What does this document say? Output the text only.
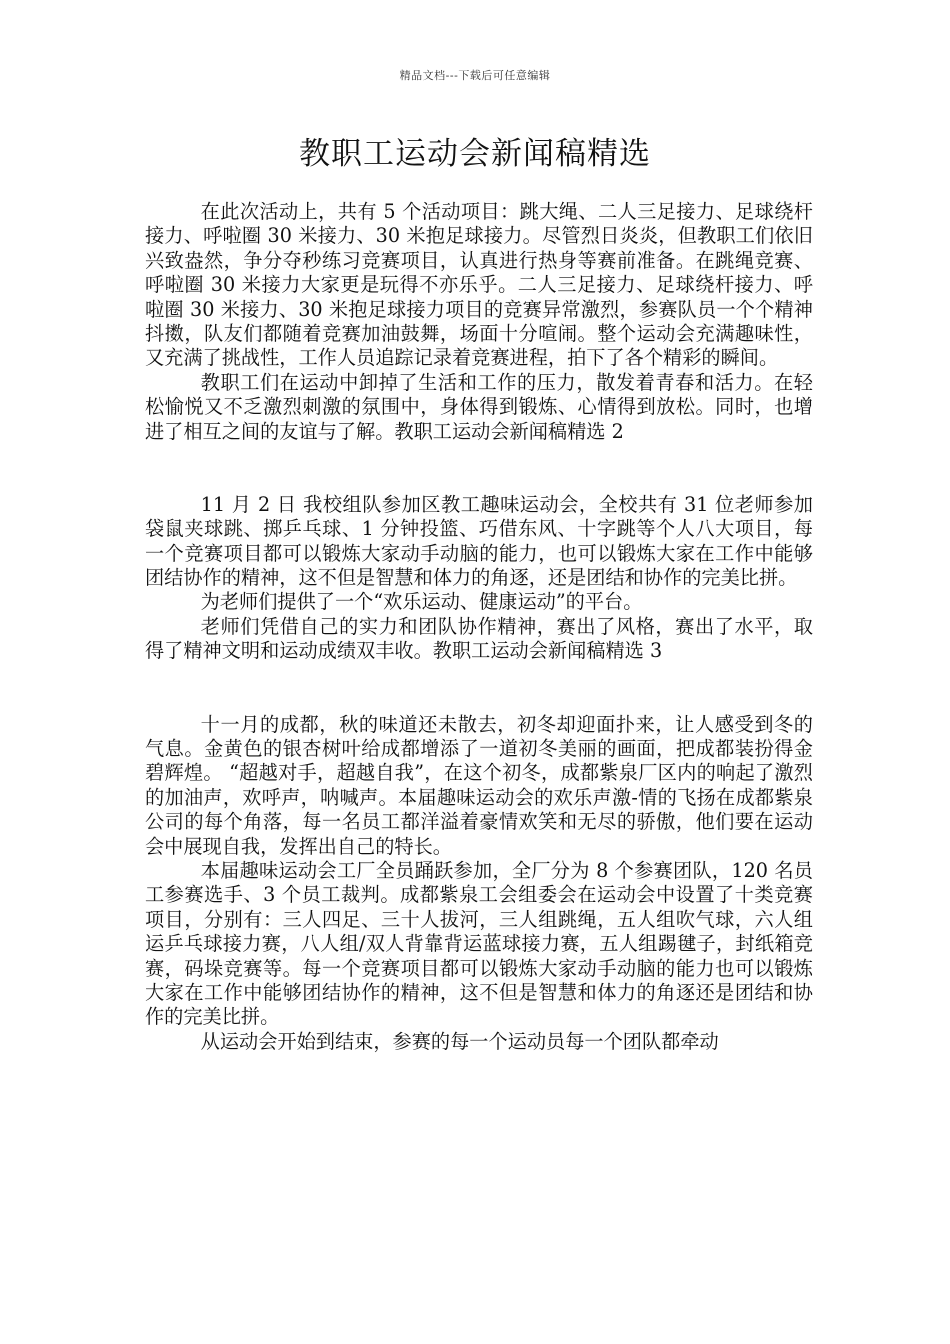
精品文档---下载后可任意编辑
教职工运动会新闻稿精选

在此次活动上，共有 5 个活动项目：跳大绳、二人三足接力、足球绕杆接力、呼啦圈 30 米接力、30 米抱足球接力。尽管烈日炎炎，但教职工们依旧兴致盎然，争分夺秒练习竞赛项目，认真进行热身等赛前准备。在跳绳竞赛、呼啦圈 30 米接力大家更是玩得不亦乐乎。二人三足接力、足球绕杆接力、呼啦圈 30 米接力、30 米抱足球接力项目的竞赛异常激烈，参赛队员一个个精神抖擞，队友们都随着竞赛加油鼓舞，场面十分喧闹。整个运动会充满趣味性，又充满了挑战性，工作人员追踪记录着竞赛进程，拍下了各个精彩的瞬间。

教职工们在运动中卸掉了生活和工作的压力，散发着青春和活力。在轻松愉悦又不乏激烈刺激的氛围中，身体得到锻炼、心情得到放松。同时，也增进了相互之间的友谊与了解。教职工运动会新闻稿精选 2

11 月 2 日 我校组队参加区教工趣味运动会，全校共有 31 位老师参加袋鼠夹球跳、掷乒乓球、1 分钟投篮、巧借东风、十字跳等个人八大项目，每一个竞赛项目都可以锻炼大家动手动脑的能力，也可以锻炼大家在工作中能够团结协作的精神，这不但是智慧和体力的角逐，还是团结和协作的完美比拼。

为老师们提供了一个“欢乐运动、健康运动”的平台。

老师们凭借自己的实力和团队协作精神，赛出了风格，赛出了水平，取得了精神文明和运动成绩双丰收。教职工运动会新闻稿精选 3

十一月的成都，秋的味道还未散去，初冬却迎面扑来，让人感受到冬的气息。金黄色的银杏树叶给成都增添了一道初冬美丽的画面，把成都装扮得金碧辉煌。 “超越对手，超越自我”，在这个初冬，成都紫泉厂区内的响起了激烈的加油声，欢呼声，呐喊声。本届趣味运动会的欢乐声激-情的飞扬在成都紫泉公司的每个角落，每一名员工都洋溢着豪情欢笑和无尽的骄傲，他们要在运动会中展现自我，发挥出自己的特长。

本届趣味运动会工厂全员踊跃参加，全厂分为 8 个参赛团队，120 名员工参赛选手、3 个员工裁判。成都紫泉工会组委会在运动会中设置了十类竞赛项目，分别有：三人四足、三十人拔河，三人组跳绳，五人组吹气球，六人组运乒乓球接力赛，八人组/双人背靠背运蓝球接力赛，五人组踢毽子，封纸箱竞赛，码垛竞赛等。每一个竞赛项目都可以锻炼大家动手动脑的能力也可以锻炼大家在工作中能够团结协作的精神，这不但是智慧和体力的角逐还是团结和协作的完美比拼。

从运动会开始到结束，参赛的每一个运动员每一个团队都牵动
